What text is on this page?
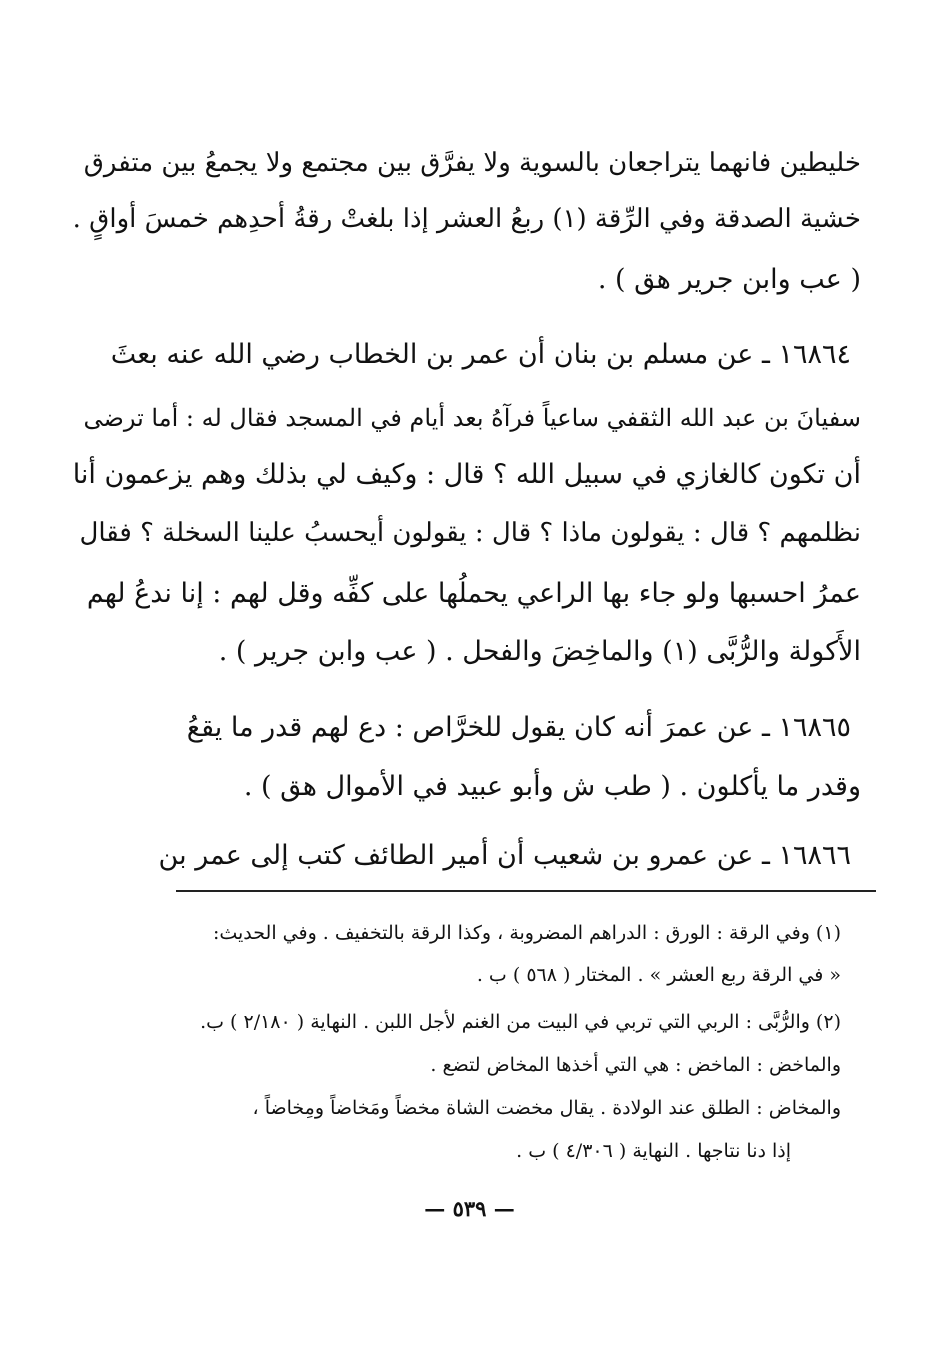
خليطين فانهما يتراجعان بالسوية ولا يفرَّق بين مجتمع ولا يجمعُ بين متفرق
خشية الصدقة وفي الرِّقة (١) ربعُ العشر إذا بلغتْ رقةُ أحدِهم خمسَ أواقٍ .
( عب وابن جرير هق ) .
١٦٨٦٤ ـ عن مسلم بن بنان أن عمر بن الخطاب رضي الله عنه بعثَ
سفيانَ بن عبد الله الثقفي ساعياً فرآهُ بعد أيام في المسجد فقال له : أما ترضى
أن تكون كالغازي في سبيل الله ؟ قال : وكيف لي بذلك وهم يزعمون أنا
نظلمهم ؟ قال : يقولون ماذا ؟ قال : يقولون أيحسبُ علينا السخلة ؟ فقال
عمرُ احسبها ولو جاء بها الراعي يحملُها على كفِّه وقل لهم : إنا ندعُ لهم
الأَكولة والرُّبَّى (١) والماخِضَ والفحل . ( عب وابن جرير ) .
١٦٨٦٥ ـ عن عمرَ أنه كان يقول للخرَّاص : دع لهم قدر ما يقعُ
وقدر ما يأكلون . ( طب ش وأبو عبيد في الأموال هق ) .
١٦٨٦٦ ـ عن عمرو بن شعيب أن أمير الطائف كتب إلى عمر بن
(١) وفي الرقة : الورق : الدراهم المضروبة ، وكذا الرقة بالتخفيف . وفي الحديث:
« في الرقة ربع العشر » . المختار ( ٥٦٨ ) ب .
(٢) والرُّبَّى : الربي التي تربي في البيت من الغنم لأجل اللبن . النهاية ( ٢/١٨٠ ) ب.
والماخض : الماخض : هي التي أخذها المخاض لتضع .
والمخاض : الطلق عند الولادة . يقال مخضت الشاة مخضاً ومَخاضاً ومِخاضاً ،
إذا دنا نتاجها . النهاية ( ٤/٣٠٦ ) ب .
— ٥٣٩ —
